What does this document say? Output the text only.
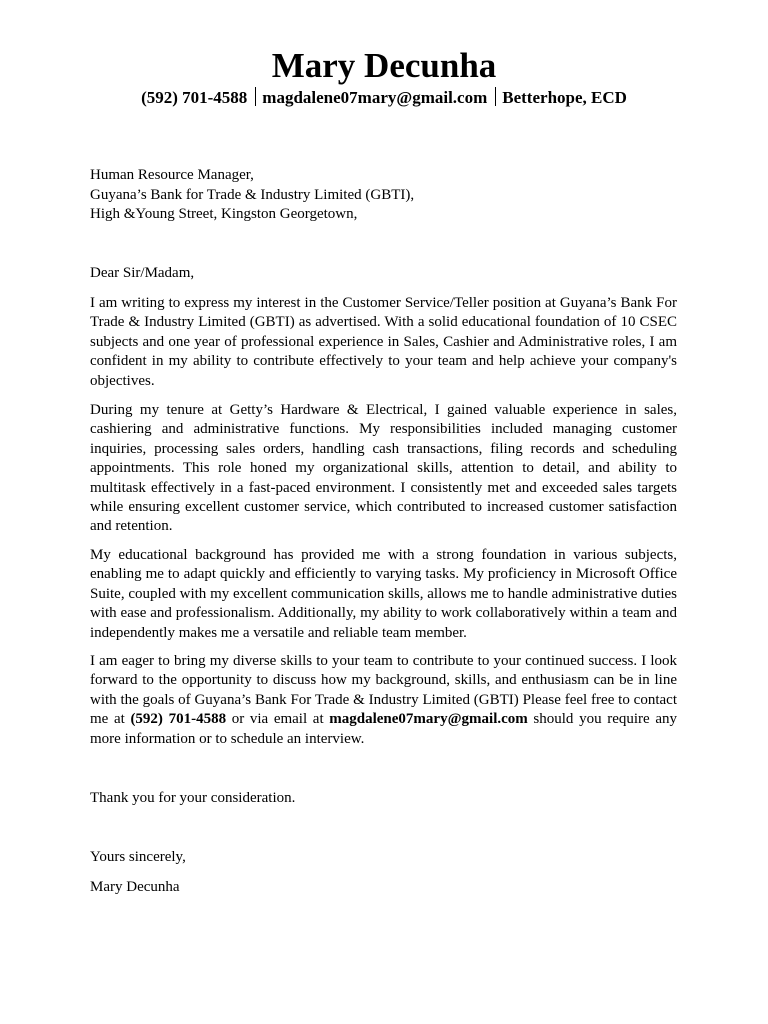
Mary Decunha
(592) 701-4588 magdalene07mary@gmail.com Betterhope, ECD
Human Resource Manager,
Guyana’s Bank for Trade & Industry Limited (GBTI),
High &Young Street, Kingston Georgetown,
Dear Sir/Madam,

I am writing to express my interest in the Customer Service/Teller position at Guyana’s Bank For Trade & Industry Limited (GBTI) as advertised. With a solid educational foundation of 10 CSEC subjects and one year of professional experience in Sales, Cashier and Administrative roles, I am confident in my ability to contribute effectively to your team and help achieve your company's objectives.

During my tenure at Getty’s Hardware & Electrical, I gained valuable experience in sales, cashiering and administrative functions. My responsibilities included managing customer inquiries, processing sales orders, handling cash transactions, filing records and scheduling appointments. This role honed my organizational skills, attention to detail, and ability to multitask effectively in a fast-paced environment. I consistently met and exceeded sales targets while ensuring excellent customer service, which contributed to increased customer satisfaction and retention.

My educational background has provided me with a strong foundation in various subjects, enabling me to adapt quickly and efficiently to varying tasks. My proficiency in Microsoft Office Suite, coupled with my excellent communication skills, allows me to handle administrative duties with ease and professionalism. Additionally, my ability to work collaboratively within a team and independently makes me a versatile and reliable team member.

I am eager to bring my diverse skills to your team to contribute to your continued success. I look forward to the opportunity to discuss how my background, skills, and enthusiasm can be in line with the goals of Guyana’s Bank For Trade & Industry Limited (GBTI) Please feel free to contact me at (592) 701-4588 or via email at magdalene07mary@gmail.com should you require any more information or to schedule an interview.

Thank you for your consideration.
Yours sincerely,
Mary Decunha
